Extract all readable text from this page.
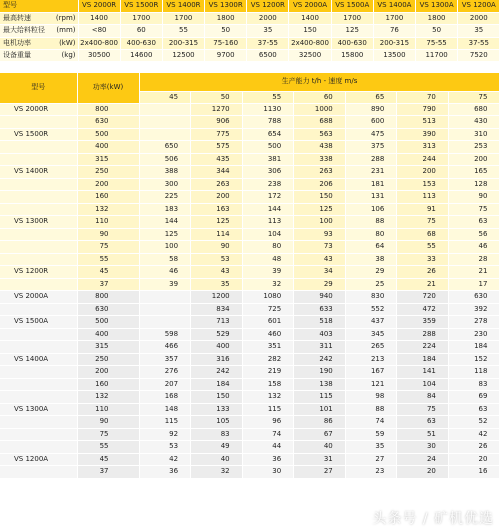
型号	VS 2000R	VS 1500R	VS 1400R	VS 1300R	VS 1200R	VS 2000A	VS 1500A	VS 1400A	VS 1300A	VS 1200A
最高转速 (rpm)	1400	1700	1700	1800	2000	1400	1700	1700	1800	2000
最大给料粒径 (mm)	<80	60	55	50	35	150	125	76	50	35
电机功率 (kW)	2x400-800	400-630	200-315	75-160	37-55	2x400-800	400-630	200-315	75-55	37-55
设备重量 (kg)	30500	14600	12500	9700	6500	32500	15800	13500	11700	7520
型号	功率(kW)	生产能力 t/h - 速度 m/s						
		45	50	55	60	65	70	75
VS 2000R	800		1270	1130	1000	890	790	680
	630		906	788	688	600	513	430
VS 1500R	500		775	654	563	475	390	310
	400	650	575	500	438	375	313	253
	315	506	435	381	338	288	244	200
VS 1400R	250	388	344	306	263	231	200	165
	200	300	263	238	206	181	153	128
	160	225	200	172	150	131	113	90
	132	183	163	144	125	106	91	75
VS 1300R	110	144	125	113	100	88	75	63
	90	125	114	104	93	80	68	56
	75	100	90	80	73	64	55	46
	55	58	53	48	43	38	33	28
VS 1200R	45	46	43	39	34	29	26	21
	37	39	35	32	29	25	21	17
VS 2000A	800		1200	1080	940	830	720	630
	630		834	725	633	552	472	392
VS 1500A	500		713	601	518	437	359	278
	400	598	529	460	403	345	288	230
	315	466	400	351	311	265	224	184
VS 1400A	250	357	316	282	242	213	184	152
	200	276	242	219	190	167	141	118
	160	207	184	158	138	121	104	83
	132	168	150	132	115	98	84	69
VS 1300A	110	148	133	115	101	88	75	63
	90	115	105	96	86	74	63	52
	75	92	83	74	67	59	51	42
	55	53	49	44	40	35	30	26
VS 1200A	45	42	40	36	31	27	24	20
	37	36	32	30	27	23	20	16
头条号 / 矿机优选
